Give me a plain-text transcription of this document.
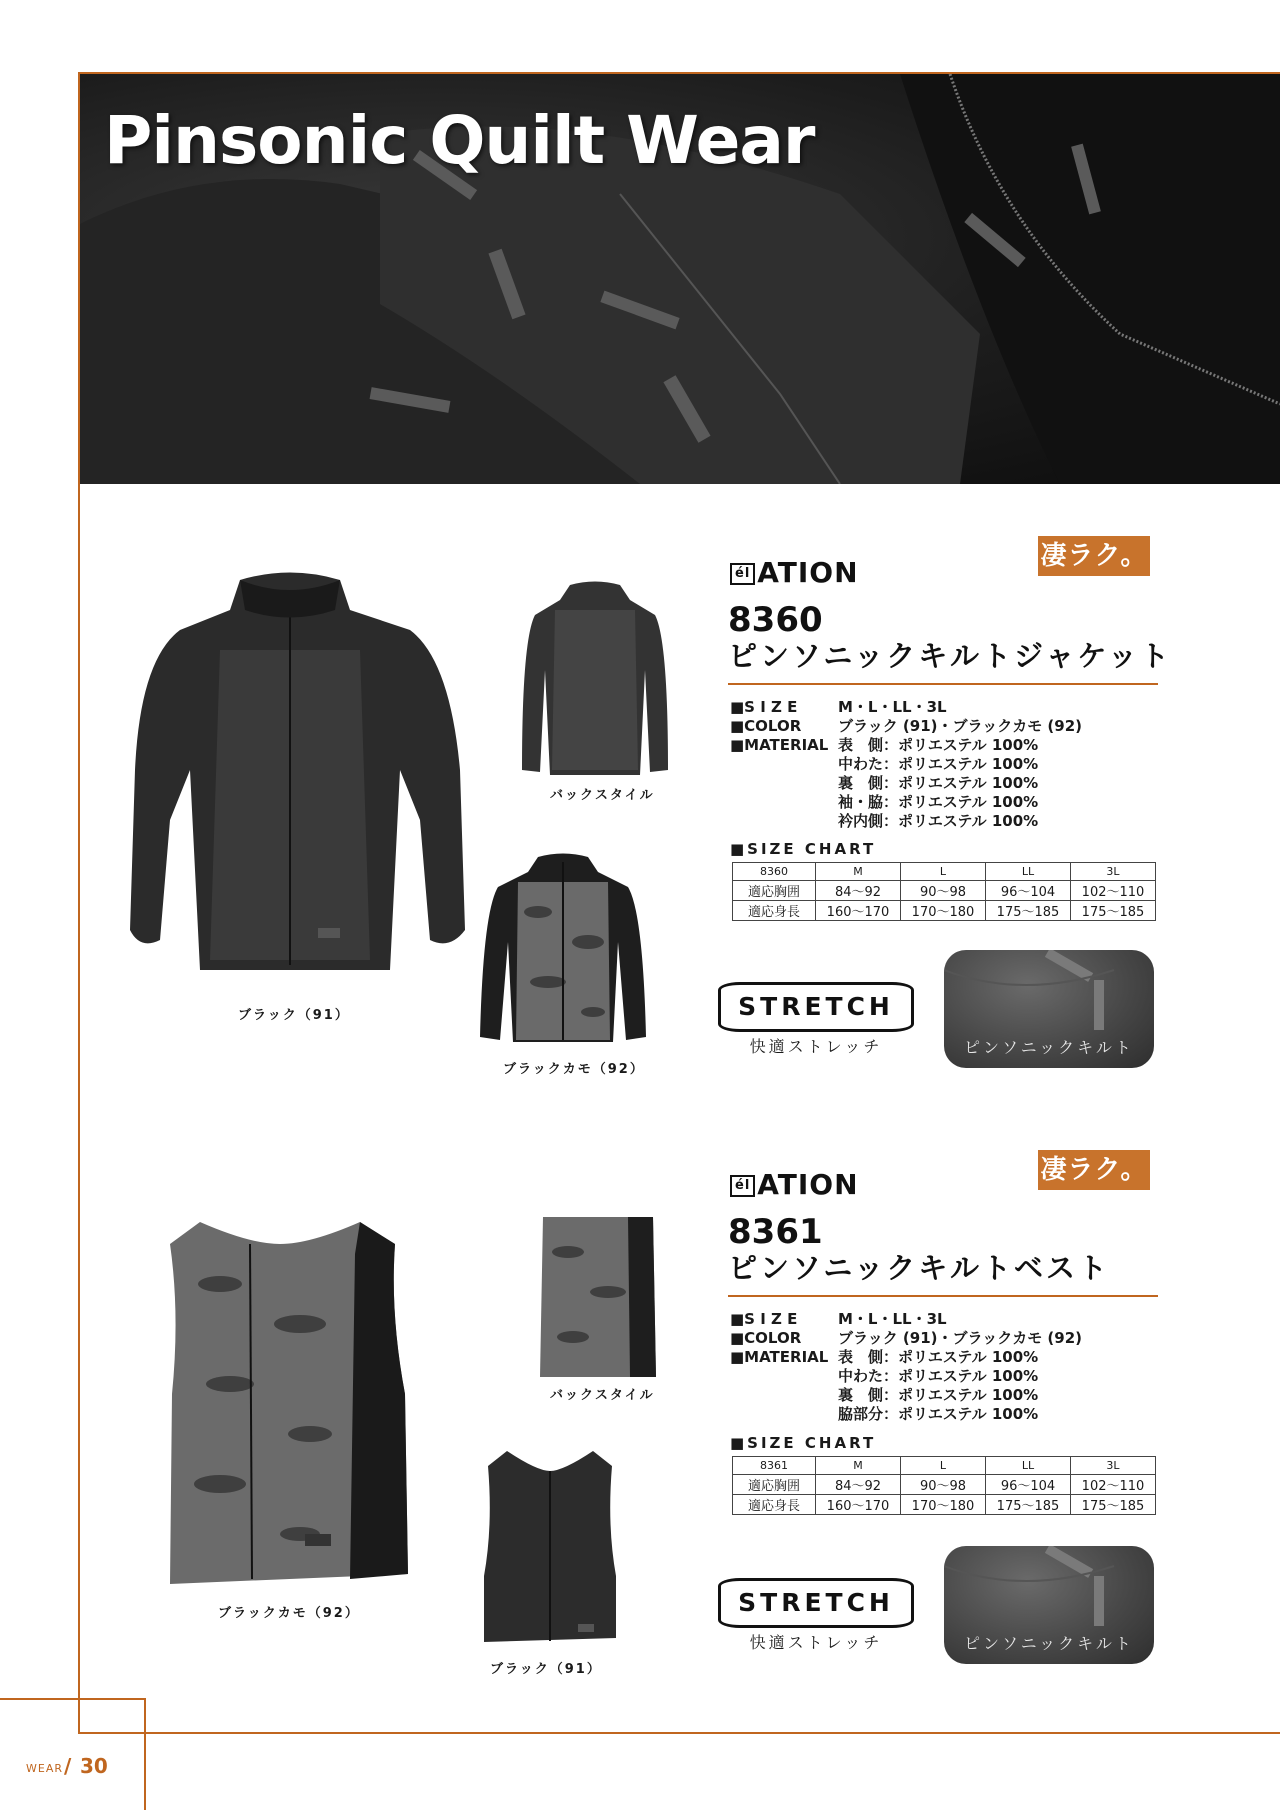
Pinsonic Quilt Wear
él ATION	凄ラク。
8360
ピンソニックキルトジャケット
■S I Z E	M・L・LL・3L
■COLOR	ブラック (91)・ブラックカモ (92)
■MATERIAL 表　側：ポリエステル 100%
中わた：ポリエステル 100%
裏　側：ポリエステル 100%
袖・脇：ポリエステル 100%
衿内側：ポリエステル 100%
■SIZE CHART
8360	M	L	LL	3L
適応胸囲	84～92	90～98	96～104	102～110
適応身長	160～170	170～180	175～185	175～185
STRETCH
快適ストレッチ	ピンソニックキルト
ブラック（91）
バックスタイル
ブラックカモ（92）
él ATION	凄ラク。
8361
ピンソニックキルトベスト
■S I Z E	M・L・LL・3L
■COLOR	ブラック (91)・ブラックカモ (92)
■MATERIAL 表　側：ポリエステル 100%
中わた：ポリエステル 100%
裏　側：ポリエステル 100%
脇部分：ポリエステル 100%
■SIZE CHART
8361	M	L	LL	3L
適応胸囲	84～92	90～98	96～104	102～110
適応身長	160～170	170～180	175～185	175～185
STRETCH
快適ストレッチ	ピンソニックキルト
ブラックカモ（92）
バックスタイル
ブラック（91）
WEAR / 30
